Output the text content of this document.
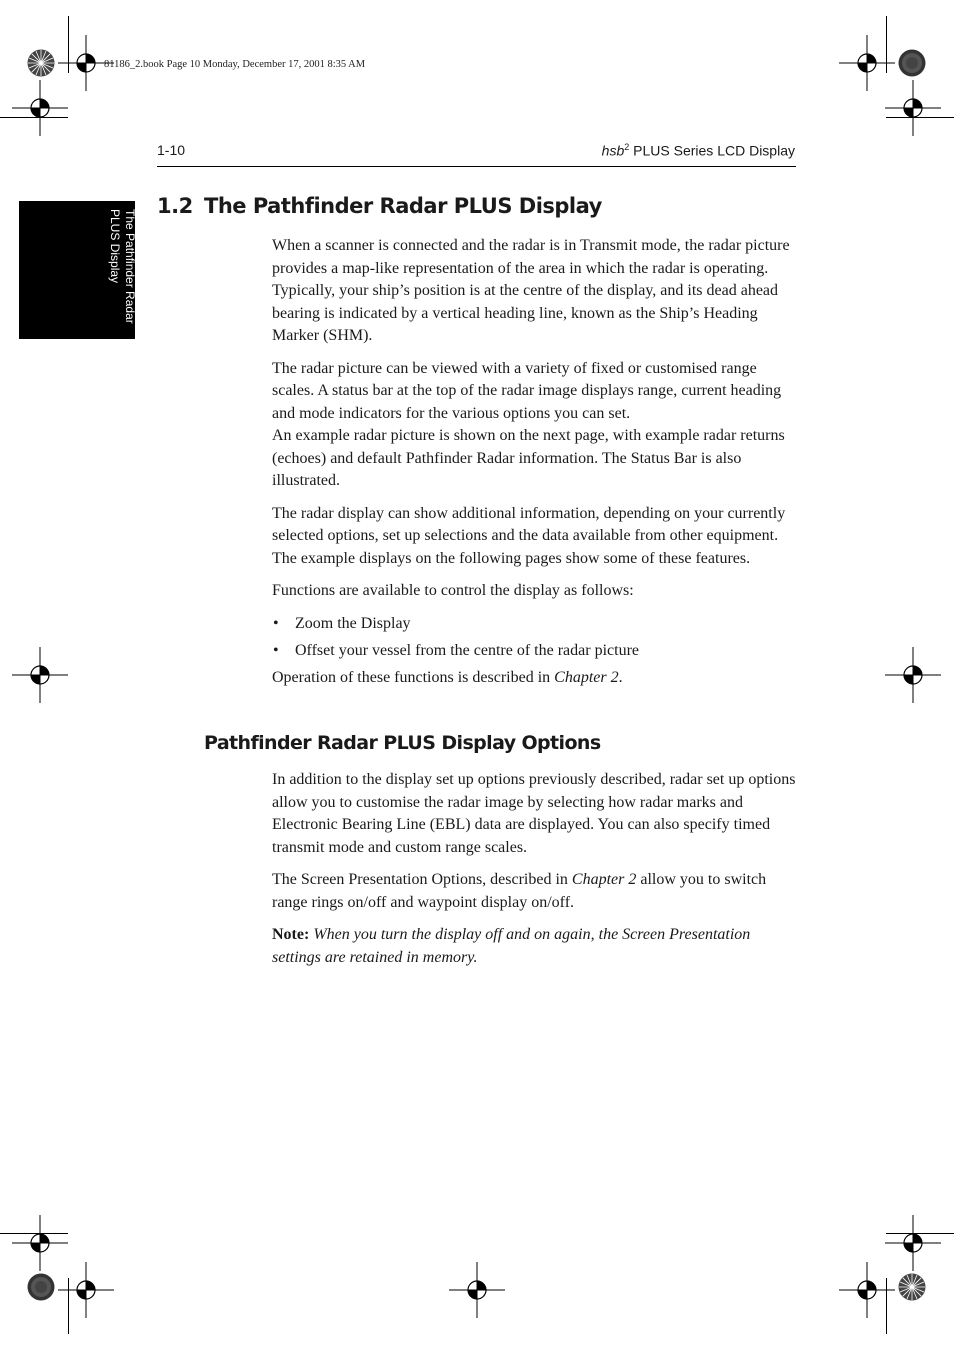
81186_2.book Page 10 Monday, December 17, 2001 8:35 AM
1-10	hsb$^2$ PLUS Series LCD Display
The Pathfinder Radar
PLUS Display
1.2 The Pathfinder Radar PLUS Display

When a scanner is connected and the radar is in Transmit mode, the radar picture provides a map-like representation of the area in which the radar is operating. Typically, your ship’s position is at the centre of the display, and its dead ahead bearing is indicated by a vertical heading line, known as the Ship’s Heading Marker (SHM).

The radar picture can be viewed with a variety of fixed or customised range scales. A status bar at the top of the radar image displays range, current heading and mode indicators for the various options you can set.

An example radar picture is shown on the next page, with example radar returns (echoes) and default Pathfinder Radar information. The Status Bar is also illustrated.

The radar display can show additional information, depending on your currently selected options, set up selections and the data available from other equipment. The example displays on the following pages show some of these features.

Functions are available to control the display as follows:

• Zoom the Display
• Offset your vessel from the centre of the radar picture

Operation of these functions is described in Chapter 2.

Pathfinder Radar PLUS Display Options

In addition to the display set up options previously described, radar set up options allow you to customise the radar image by selecting how radar marks and Electronic Bearing Line (EBL) data are displayed. You can also specify timed transmit mode and custom range scales.

The Screen Presentation Options, described in Chapter 2 allow you to switch range rings on/off and waypoint display on/off.

Note: When you turn the display off and on again, the Screen Presentation settings are retained in memory.
